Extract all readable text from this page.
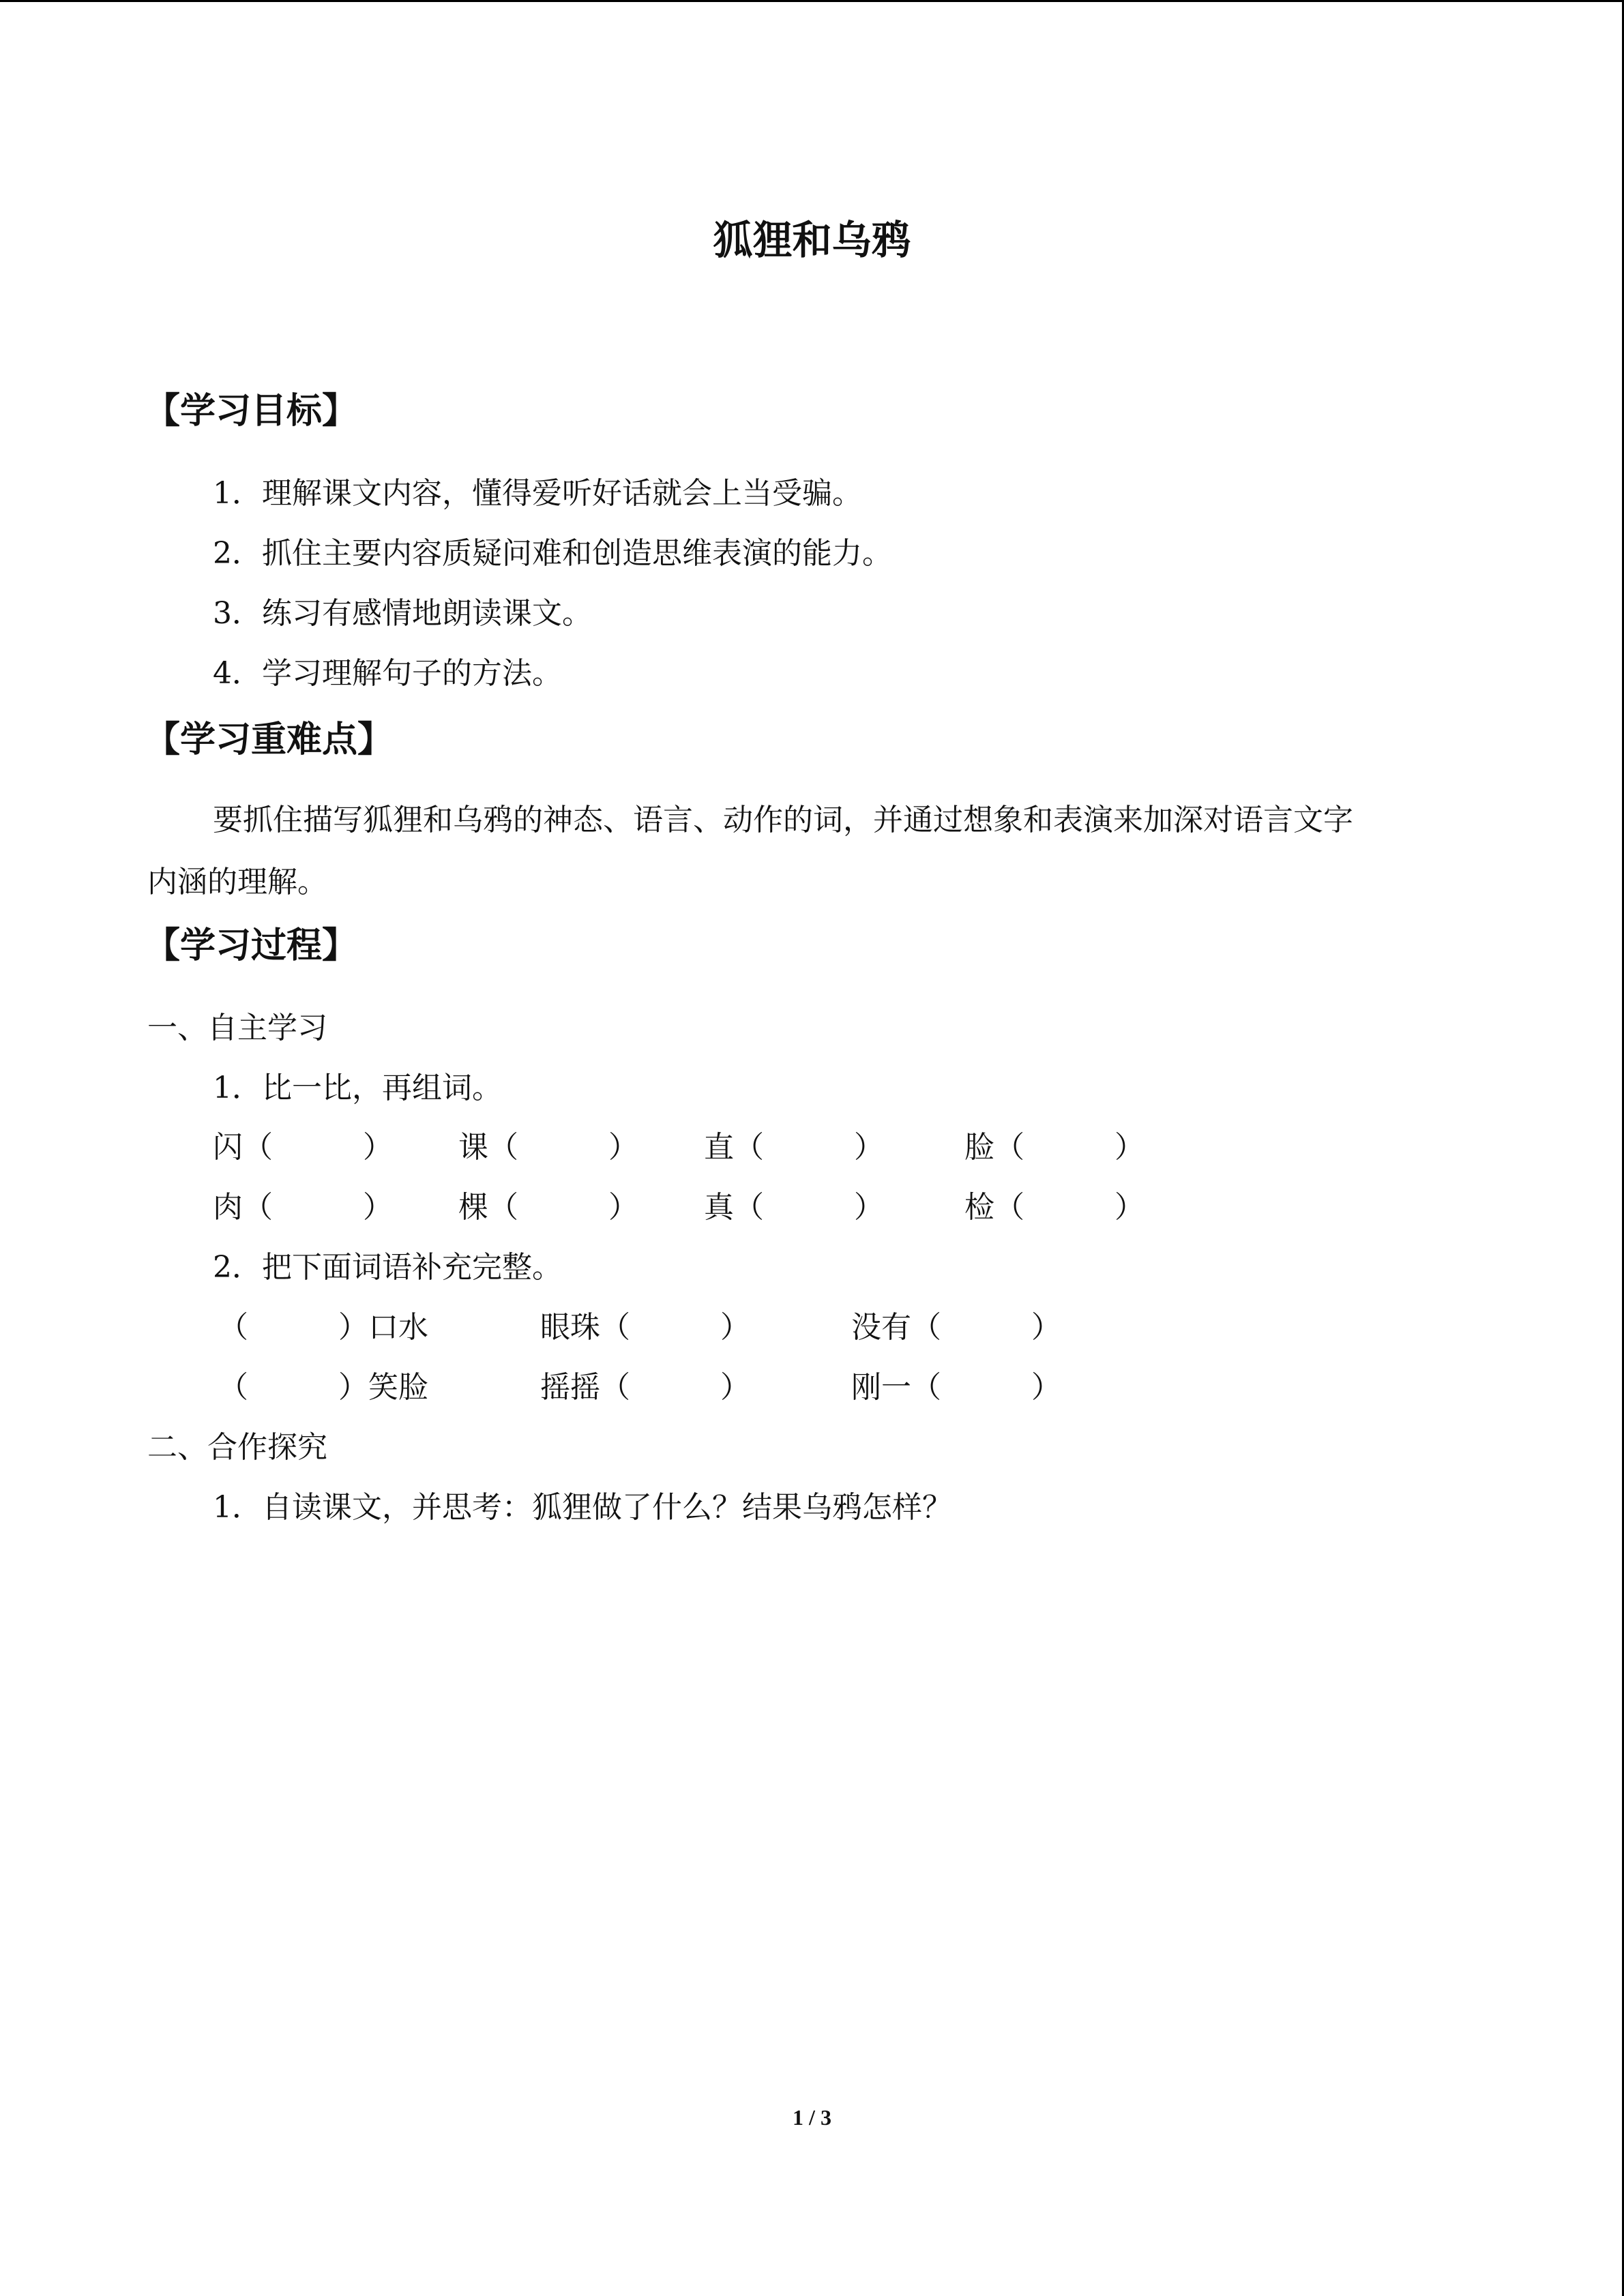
狐狸和乌鸦
【学习目标】
1．理解课文内容，懂得爱听好话就会上当受骗。
2．抓住主要内容质疑问难和创造思维表演的能力。
3．练习有感情地朗读课文。
4．学习理解句子的方法。
【学习重难点】
要抓住描写狐狸和乌鸦的神态、语言、动作的词，并通过想象和表演来加深对语言文字
内涵的理解。
【学习过程】
一、自主学习
1．比一比，再组词。
闪（　　　） 课（　　　） 直（　　　）	脸（　　　）
肉（　　　） 棵（　　　） 真（　　　）	检（　　　）
2．把下面词语补充完整。
（　　　）口水	眼珠（　　　）	没有（　　　）
（　　　）笑脸	摇摇（　　　）	刚一（　　　）
二、合作探究
1．自读课文，并思考：狐狸做了什么？结果乌鸦怎样？
1 / 3
